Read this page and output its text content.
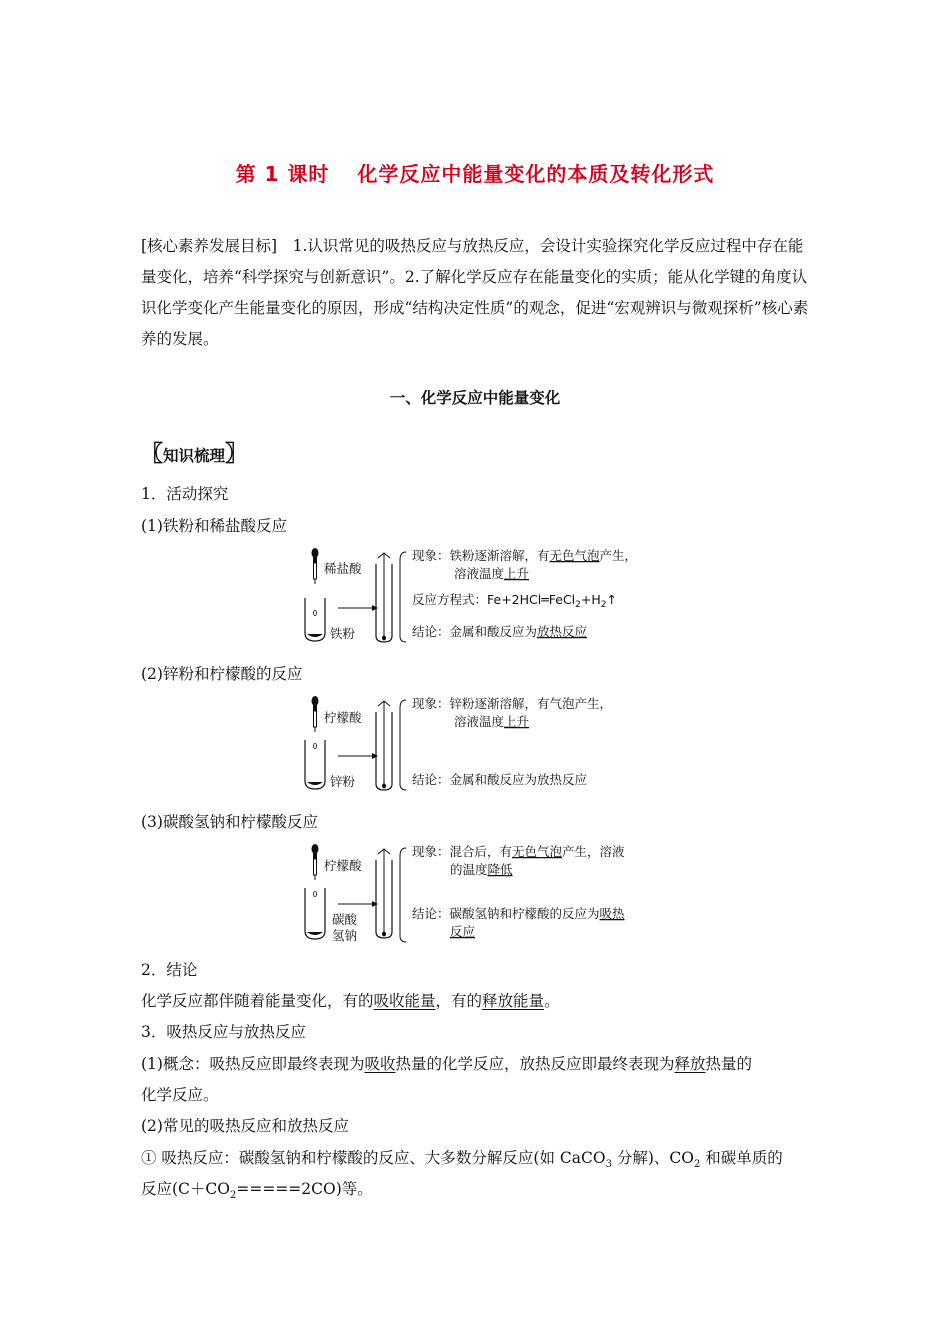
第 1 课时 化学反应中能量变化的本质及转化形式
[核心素养发展目标]　1.认识常见的吸热反应与放热反应，会设计实验探究化学反应过程中存在能量变化，培养“科学探究与创新意识”。2.了解化学反应存在能量变化的实质；能从化学键的角度认识化学变化产生能量变化的原因，形成“结构决定性质”的观念，促进“宏观辨识与微观探析”核心素养的发展。
一、化学反应中能量变化
〖 知识梳理 〗
1．活动探究
(1)铁粉和稀盐酸反应
稀盐酸
铁粉
现象：铁粉逐渐溶解，有无色气泡产生，
溶液温度上升
反应方程式：$Fe+2HCl═FeCl_2+H_2↑$
结论：金属和酸反应为放热反应
(2)锌粉和柠檬酸的反应
柠檬酸
锌粉
现象：锌粉逐渐溶解，有气泡产生，
溶液温度上升
结论：金属和酸反应为放热反应
(3)碳酸氢钠和柠檬酸反应
柠檬酸
碳酸
氢钠
现象：混合后，有无色气泡产生，溶液
的温度降低
结论：碳酸氢钠和柠檬酸的反应为吸热
反应
2．结论
化学反应都伴随着能量变化，有的吸收能量，有的释放能量。
3．吸热反应与放热反应
(1)概念：吸热反应即最终表现为吸收热量的化学反应，放热反应即最终表现为释放热量的
化学反应。
(2)常见的吸热反应和放热反应
① 吸热反应：碳酸氢钠和柠檬酸的反应、大多数分解反应(如 CaCO$_3$ 分解)、$CO_2$ 和碳单质的
反应$(C+CO_2=====2CO)$等。
